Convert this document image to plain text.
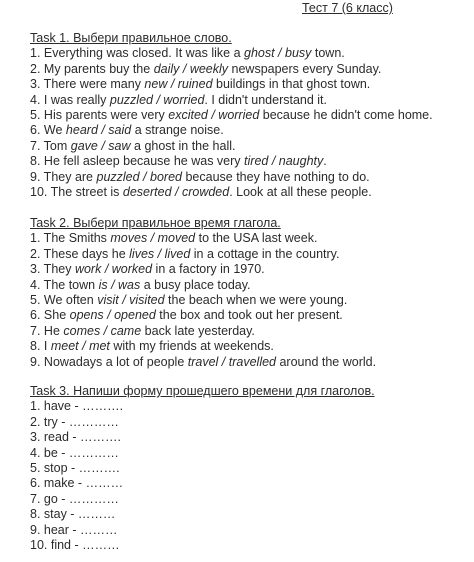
Тест 7 (6 класс)
Task 1. Выбери правильное слово.
1. Everything was closed. It was like a ghost / busy town.
2. My parents buy the daily / weekly newspapers every Sunday.
3. There were many new / ruined buildings in that ghost town.
4. I was really puzzled / worried. I didn't understand it.
5. His parents were very excited / worried because he didn't come home.
6. We heard / said a strange noise.
7. Tom gave / saw a ghost in the hall.
8. He fell asleep because he was very tired / naughty.
9. They are puzzled / bored because they have nothing to do.
10. The street is deserted / crowded. Look at all these people.
Task 2. Выбери правильное время глагола.
1. The Smiths moves / moved to the USA last week.
2. These days he lives / lived in a cottage in the country.
3. They work / worked in a factory in 1970.
4. The town is / was a busy place today.
5. We often visit / visited the beach when we were young.
6. She opens / opened the box and took out her present.
7. He comes / came back late yesterday.
8. I meet / met with my friends at weekends.
9. Nowadays a lot of people travel / travelled around the world.
Task 3. Напиши форму прошедшего времени для глаголов.
1. have - ……….
2. try - …………
3. read - ……….
4. be - …………
5. stop - ……….
6. make - ………
7. go - …………
8. stay - ………
9. hear - ………
10. find - ………
